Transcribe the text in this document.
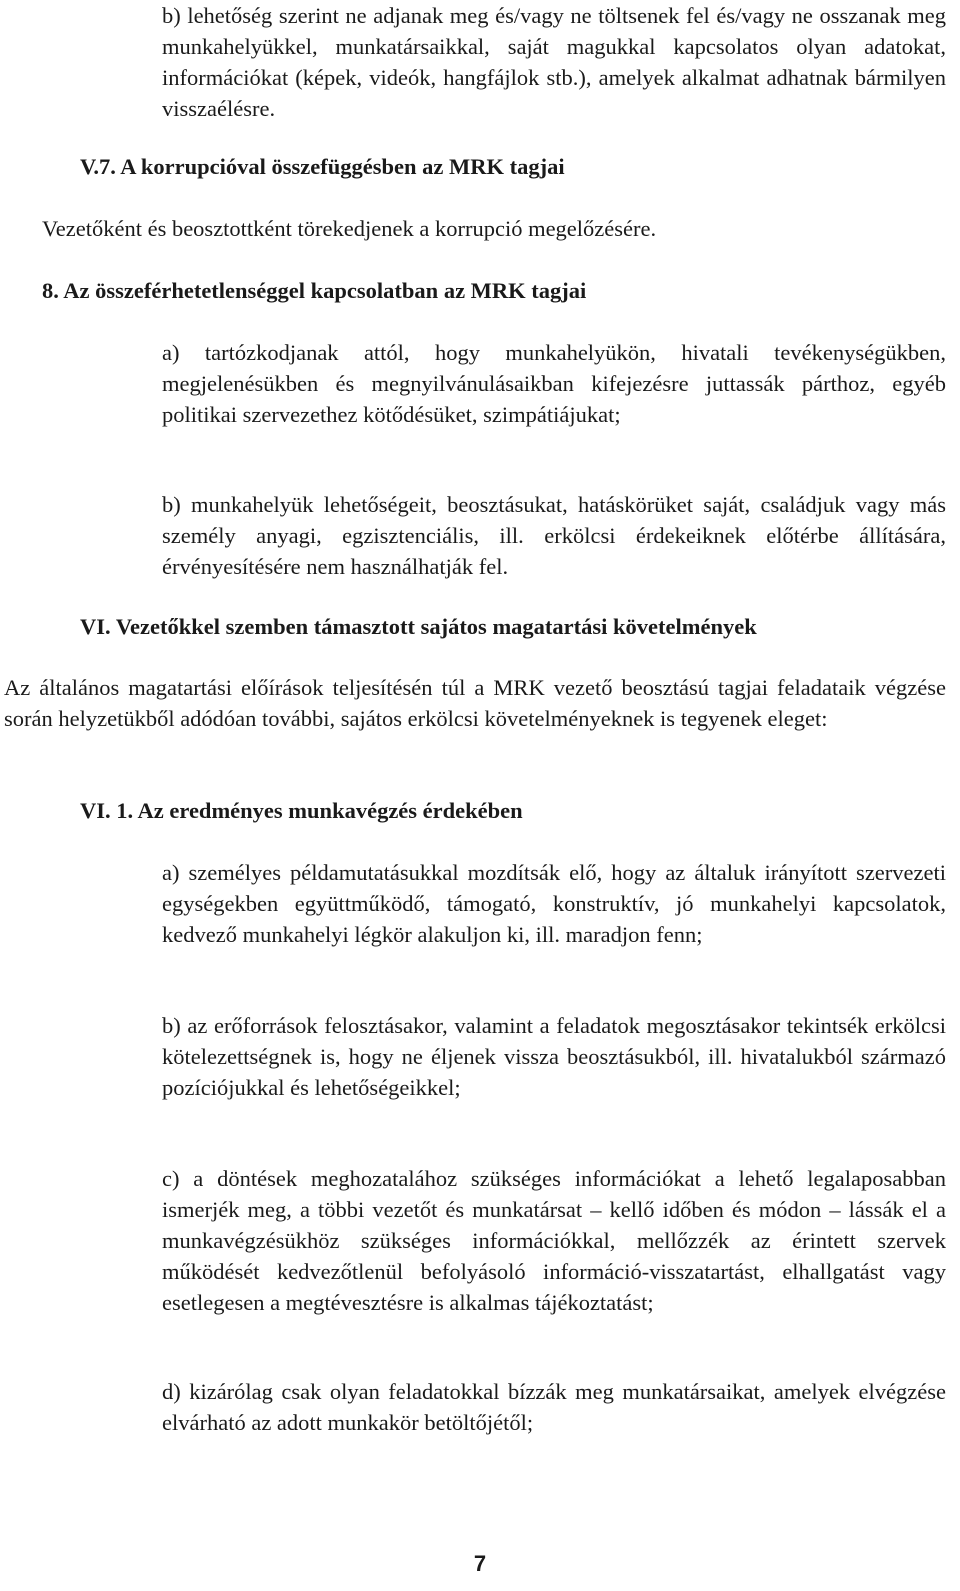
b) lehetőség szerint ne adjanak meg és/vagy ne töltsenek fel és/vagy ne osszanak meg munkahelyükkel, munkatársaikkal, saját magukkal kapcsolatos olyan adatokat, információkat (képek, videók, hangfájlok stb.), amelyek alkalmat adhatnak bármilyen visszaélésre.

V.7. A korrupcióval összefüggésben az MRK tagjai

Vezetőként és beosztottként törekedjenek a korrupció megelőzésére.

8. Az összeférhetetlenséggel kapcsolatban az MRK tagjai

a) tartózkodjanak attól, hogy munkahelyükön, hivatali tevékenységükben, megjelenésükben és megnyilvánulásaikban kifejezésre juttassák párthoz, egyéb politikai szervezethez kötődésüket, szimpátiájukat;

b) munkahelyük lehetőségeit, beosztásukat, hatáskörüket saját, családjuk vagy más személy anyagi, egzisztenciális, ill. erkölcsi érdekeiknek előtérbe állítására, érvényesítésére nem használhatják fel.

VI. Vezetőkkel szemben támasztott sajátos magatartási követelmények

Az általános magatartási előírások teljesítésén túl a MRK vezető beosztású tagjai feladataik végzése során helyzetükből adódóan további, sajátos erkölcsi követelményeknek is tegyenek eleget:

VI. 1. Az eredményes munkavégzés érdekében

a) személyes példamutatásukkal mozdítsák elő, hogy az általuk irányított szervezeti egységekben együttműködő, támogató, konstruktív, jó munkahelyi kapcsolatok, kedvező munkahelyi légkör alakuljon ki, ill. maradjon fenn;

b) az erőforrások felosztásakor, valamint a feladatok megosztásakor tekintsék erkölcsi kötelezettségnek is, hogy ne éljenek vissza beosztásukból, ill. hivatalukból származó pozíciójukkal és lehetőségeikkel;

c) a döntések meghozatalához szükséges információkat a lehető legalaposabban ismerjék meg, a többi vezetőt és munkatársat – kellő időben és módon – lássák el a munkavégzésükhöz szükséges információkkal, mellőzzék az érintett szervek működését kedvezőtlenül befolyásoló információ-visszatartást, elhallgatást vagy esetlegesen a megtévesztésre is alkalmas tájékoztatást;

d) kizárólag csak olyan feladatokkal bízzák meg munkatársaikat, amelyek elvégzése elvárható az adott munkakör betöltőjétől;

7
